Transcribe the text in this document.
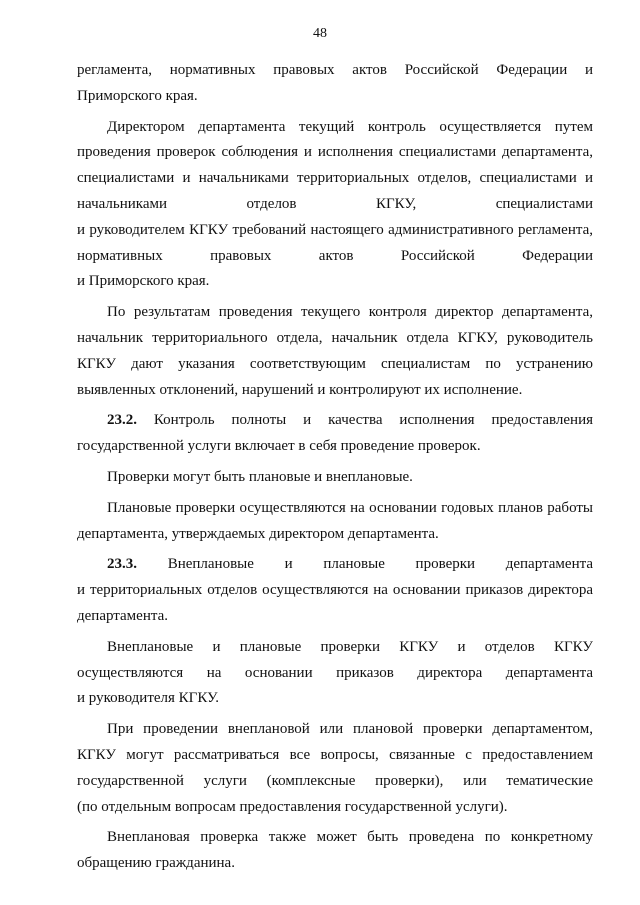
48
регламента, нормативных правовых актов Российской Федерации и
Приморского края.
Директором департамента текущий контроль осуществляется путем
проведения проверок соблюдения и исполнения специалистами департамента,
специалистами и начальниками территориальных отделов, специалистами и
начальниками отделов КГКУ, специалистами
и руководителем КГКУ требований настоящего административного регламента,
нормативных правовых актов Российской Федерации
и Приморского края.
По результатам проведения текущего контроля директор департамента,
начальник территориального отдела, начальник отдела КГКУ, руководитель
КГКУ дают указания соответствующим специалистам по устранению
выявленных отклонений, нарушений и контролируют их исполнение.
23.2. Контроль полноты и качества исполнения предоставления
государственной услуги включает в себя проведение проверок.
Проверки могут быть плановые и внеплановые.
Плановые проверки осуществляются на основании годовых планов работы
департамента, утверждаемых директором департамента.
23.3. Внеплановые и плановые проверки департамента
и территориальных отделов осуществляются на основании приказов директора
департамента.
Внеплановые и плановые проверки КГКУ и отделов КГКУ
осуществляются на основании приказов директора департамента
и руководителя КГКУ.
При проведении внеплановой или плановой проверки департаментом,
КГКУ могут рассматриваться все вопросы, связанные с предоставлением
государственной услуги (комплексные проверки), или тематические
(по отдельным вопросам предоставления государственной услуги).
Внеплановая проверка также может быть проведена по конкретному
обращению гражданина.
